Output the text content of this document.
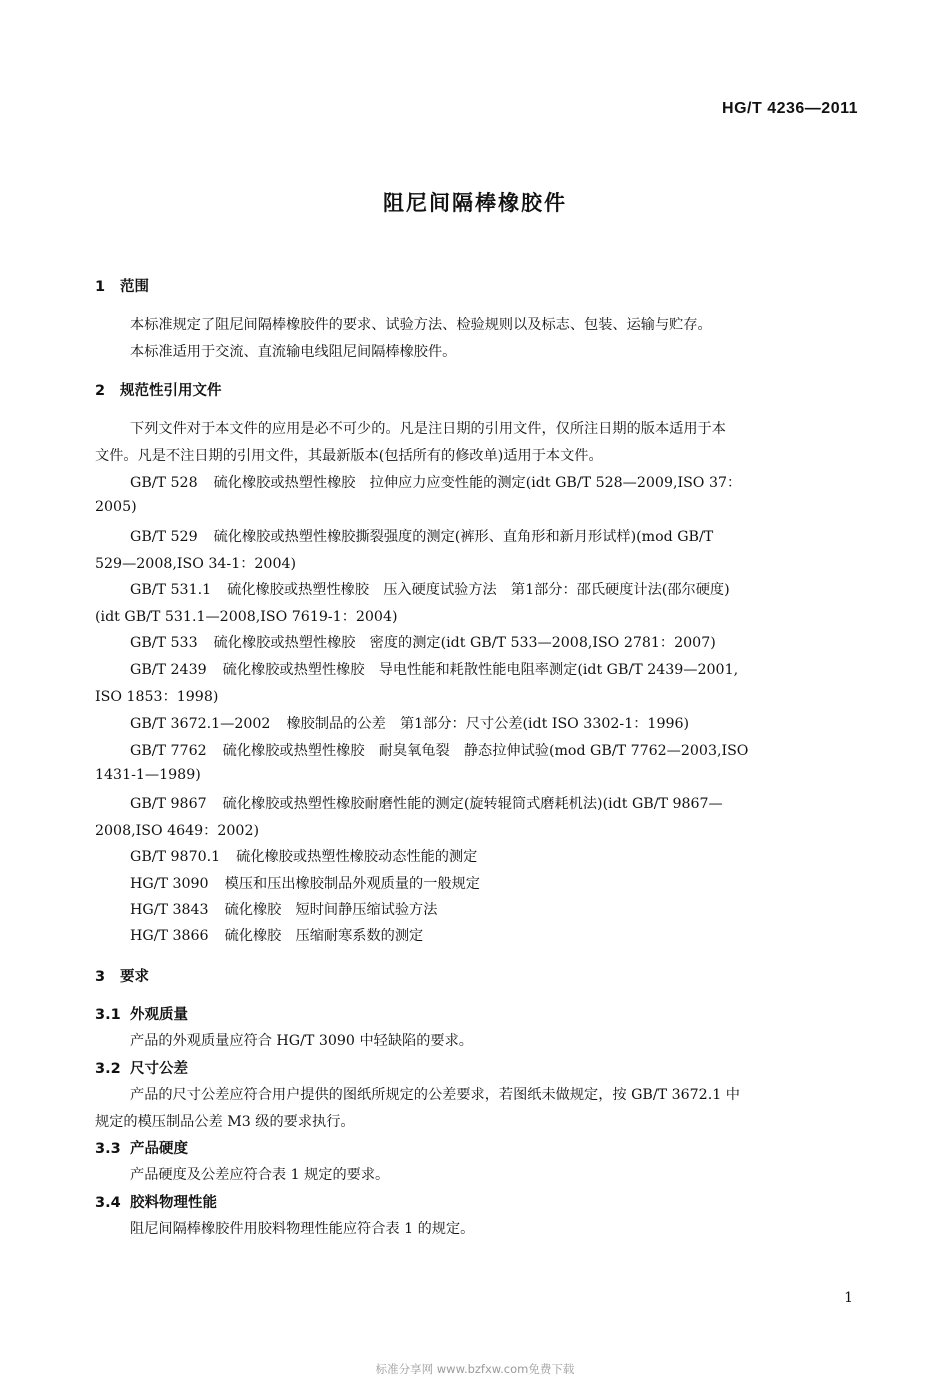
HG/T 4236—2011
阻尼间隔棒橡胶件
1 范围
本标准规定了阻尼间隔棒橡胶件的要求、试验方法、检验规则以及标志、包装、运输与贮存。
本标准适用于交流、直流输电线阻尼间隔棒橡胶件。
2 规范性引用文件
下列文件对于本文件的应用是必不可少的。凡是注日期的引用文件，仅所注日期的版本适用于本
文件。凡是不注日期的引用文件，其最新版本(包括所有的修改单)适用于本文件。
GB/T 528 硫化橡胶或热塑性橡胶　拉伸应力应变性能的测定(idt GB/T 528—2009,ISO 37：
2005)
GB/T 529 硫化橡胶或热塑性橡胶撕裂强度的测定(裤形、直角形和新月形试样)(mod GB/T
529—2008,ISO 34-1：2004)
GB/T 531.1 硫化橡胶或热塑性橡胶　压入硬度试验方法　第1部分：邵氏硬度计法(邵尔硬度)
(idt GB/T 531.1—2008,ISO 7619-1：2004)
GB/T 533 硫化橡胶或热塑性橡胶　密度的测定(idt GB/T 533—2008,ISO 2781：2007)
GB/T 2439 硫化橡胶或热塑性橡胶　导电性能和耗散性能电阻率测定(idt GB/T 2439—2001,
ISO 1853：1998)
GB/T 3672.1—2002 橡胶制品的公差　第1部分：尺寸公差(idt ISO 3302-1：1996)
GB/T 7762 硫化橡胶或热塑性橡胶　耐臭氧龟裂　静态拉伸试验(mod GB/T 7762—2003,ISO
1431-1—1989)
GB/T 9867 硫化橡胶或热塑性橡胶耐磨性能的测定(旋转辊筒式磨耗机法)(idt GB/T 9867—
2008,ISO 4649：2002)
GB/T 9870.1 硫化橡胶或热塑性橡胶动态性能的测定
HG/T 3090 模压和压出橡胶制品外观质量的一般规定
HG/T 3843 硫化橡胶　短时间静压缩试验方法
HG/T 3866 硫化橡胶　压缩耐寒系数的测定
3 要求
3.1 外观质量
产品的外观质量应符合 HG/T 3090 中轻缺陷的要求。
3.2 尺寸公差
产品的尺寸公差应符合用户提供的图纸所规定的公差要求，若图纸未做规定，按 GB/T 3672.1 中
规定的模压制品公差 M3 级的要求执行。
3.3 产品硬度
产品硬度及公差应符合表 1 规定的要求。
3.4 胶料物理性能
阻尼间隔棒橡胶件用胶料物理性能应符合表 1 的规定。
1
标准分享网 www.bzfxw.com免费下载
